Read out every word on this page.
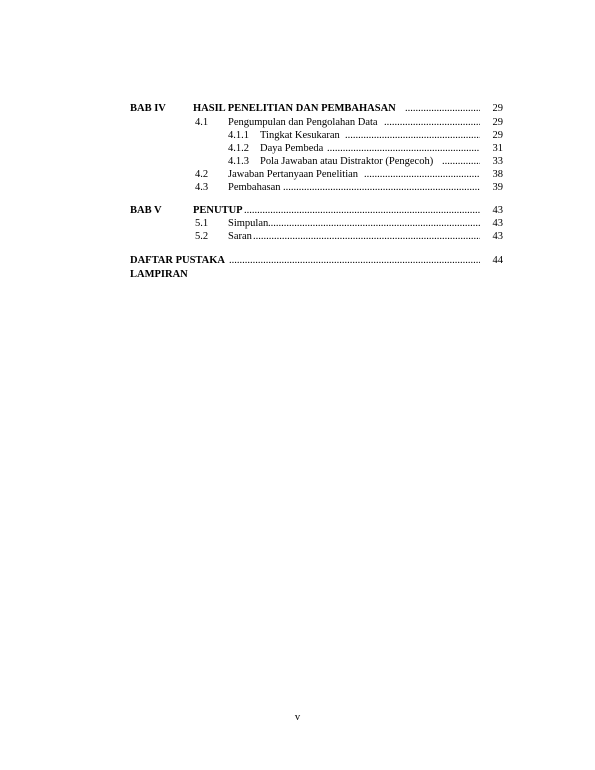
BAB IV	HASIL PENELITIAN DAN PEMBAHASAN .....	29
4.1 Pengumpulan dan Pengolahan Data .....	29
4.1.1 Tingkat Kesukaran .....	29
4.1.2 Daya Pembeda .....	31
4.1.3 Pola Jawaban atau Distraktor (Pengecoh) .....	33
4.2 Jawaban Pertanyaan Penelitian .....	38
4.3 Pembahasan .....	39
BAB V	PENUTUP .....	43
5.1 Simpulan .....	43
5.2 Saran .....	43
DAFTAR PUSTAKA .....	44
LAMPIRAN
v
